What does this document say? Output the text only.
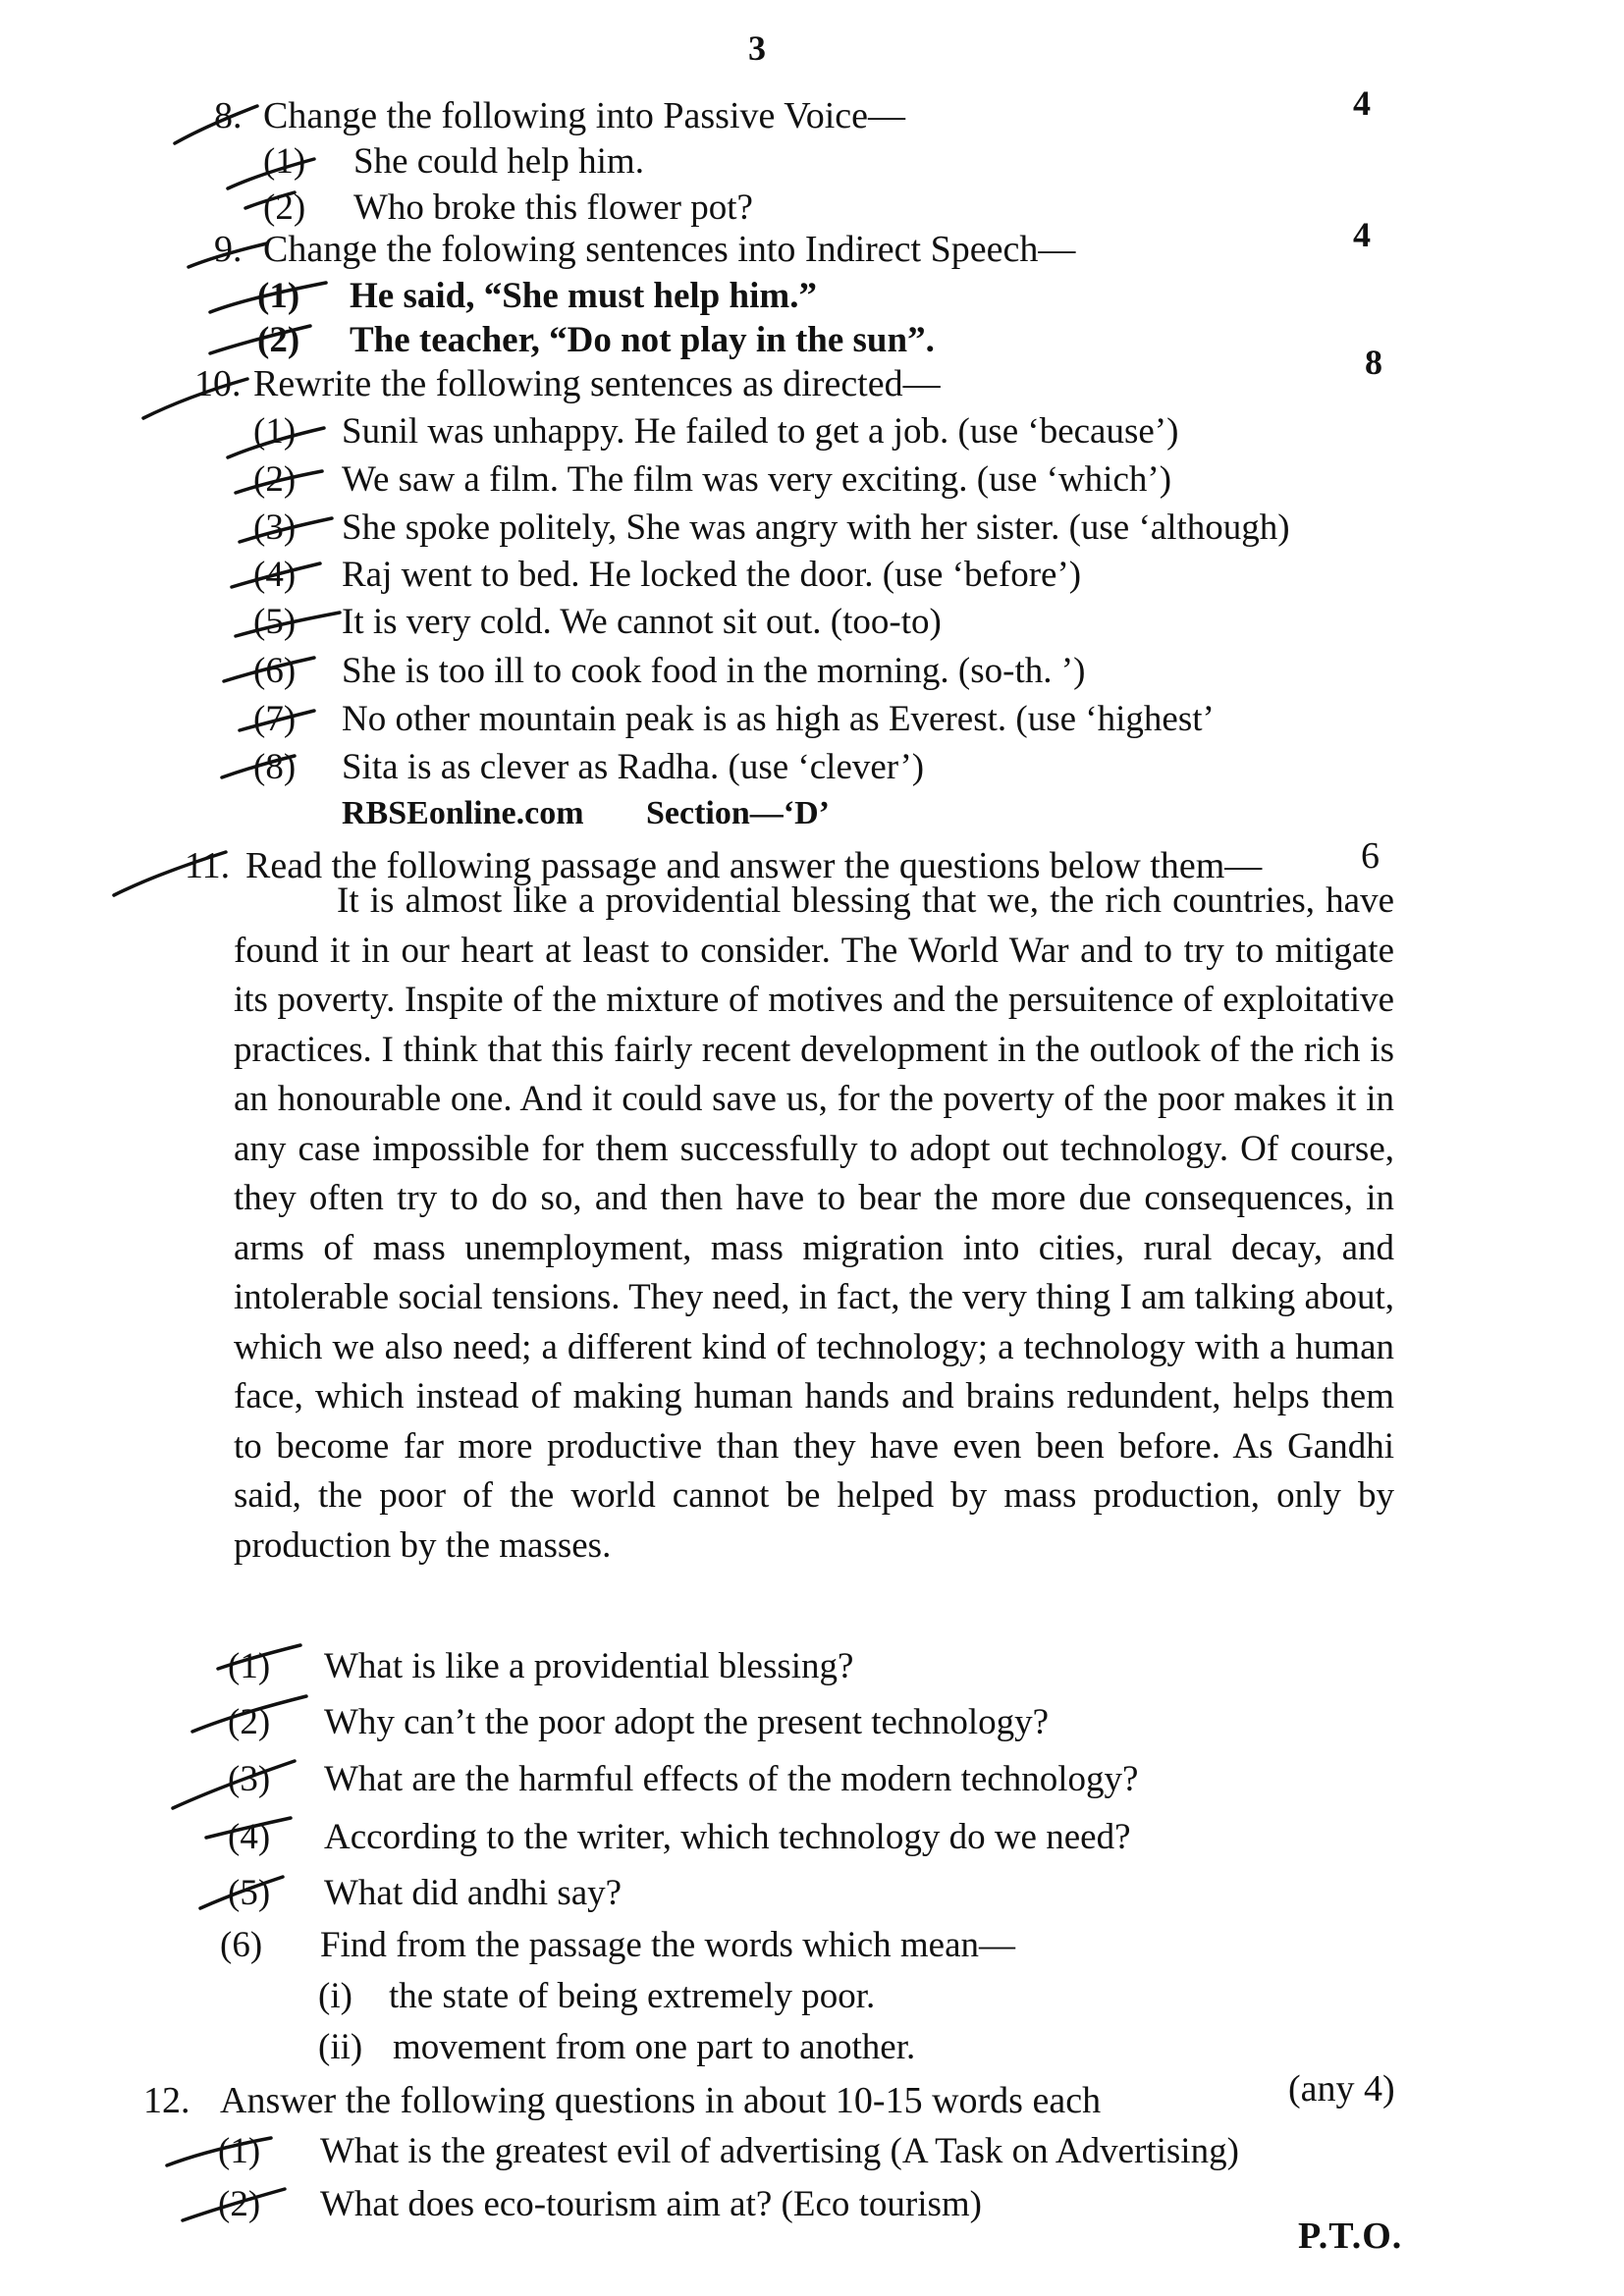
3
8. Change the following into Passive Voice—	4
(1) She could help him.
(2) Who broke this flower pot?
9. Change the folowing sentences into Indirect Speech—	4
(1) He said, “She must help him.”
(2) The teacher, “Do not play in the sun”.
10. Rewrite the following sentences as directed—
8
(1) Sunil was unhappy. He failed to get a job. (use ‘because’)
(2) We saw a film. The film was very exciting. (use ‘which’)
(3) She spoke politely, She was angry with her sister. (use ‘although)
(4) Raj went to bed. He locked the door. (use ‘before’)
(5) It is very cold. We cannot sit out. (too-to)
(6) She is too ill to cook food in the morning. (so-th. ’)
(7) No other mountain peak is as high as Everest. (use ‘highest’
(8) Sita is as clever as Radha. (use ‘clever’)
RBSEonline.com Section—‘D’
11. Read the following passage and answer the questions below them—	6
It is almost like a providential blessing that we, the rich countries, have found it in our heart at least to consider. The World War and to try to mitigate its poverty. Inspite of the mixture of motives and the persuitence of exploitative practices. I think that this fairly recent development in the outlook of the rich is an honourable one. And it could save us, for the poverty of the poor makes it in any case impossible for them successfully to adopt out technology. Of course, they often try to do so, and then have to bear the more due consequences, in arms of mass unemployment, mass migration into cities, rural decay, and intolerable social tensions. They need, in fact, the very thing I am talking about, which we also need; a different kind of technology; a technology with a human face, which instead of making human hands and brains redundent, helps them to become far more productive than they have even been before. As Gandhi said, the poor of the world cannot be helped by mass production, only by production by the masses.
(1) What is like a providential blessing?
(2) Why can’t the poor adopt the present technology?
(3) What are the harmful effects of the modern technology?
(4) According to the writer, which technology do we need?
(5) What did andhi say?
(6) Find from the passage the words which mean—
(i) the state of being extremely poor.
(ii) movement from one part to another.
12. Answer the following questions in about 10-15 words each	(any 4)
(1) What is the greatest evil of advertising (A Task on Advertising)
(2) What does eco-tourism aim at? (Eco tourism)
P.T.O.
